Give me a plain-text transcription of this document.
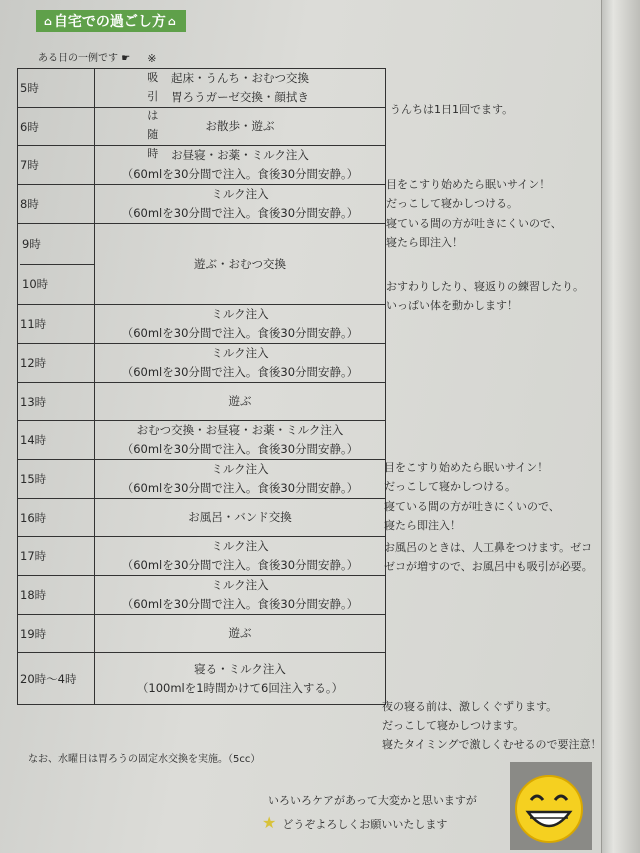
⌂ 自宅での過ごし方 ⌂
ある日の一例です ☛ ※吸引は随時
5時	起床・うんち・おむつ交換
胃ろうガーゼ交換・顔拭き

6時	お散歩・遊ぶ

7時	お昼寝・お薬・ミルク注入
（60mlを30分間で注入。食後30分間安静。）

8時	ミルク注入
（60mlを30分間で注入。食後30分間安静。）

9時
10時	遊ぶ・おむつ交換

11時	ミルク注入
（60mlを30分間で注入。食後30分間安静。）

12時	ミルク注入
（60mlを30分間で注入。食後30分間安静。）

13時	遊ぶ

14時	おむつ交換・お昼寝・お薬・ミルク注入
（60mlを30分間で注入。食後30分間安静。）

15時	ミルク注入
（60mlを30分間で注入。食後30分間安静。）

16時	お風呂・バンド交換

17時	ミルク注入
（60mlを30分間で注入。食後30分間安静。）

18時	ミルク注入
（60mlを30分間で注入。食後30分間安静。）

19時	遊ぶ

20時～4時	寝る・ミルク注入
（100mlを1時間かけて6回注入する。）
うんちは1日1回でます。
目をこすり始めたら眠いサイン！
だっこして寝かしつける。
寝ている間の方が吐きにくいので、
寝たら即注入！
おすわりしたり、寝返りの練習したり。
いっぱい体を動かします！
目をこすり始めたら眠いサイン！
だっこして寝かしつける。
寝ている間の方が吐きにくいので、
寝たら即注入！
お風呂のときは、人工鼻をつけます。ゼコ
ゼコが増すので、お風呂中も吸引が必要。
夜の寝る前は、激しくぐずります。
だっこして寝かしつけます。
寝たタイミングで激しくむせるので要注意！
なお、水曜日は胃ろうの固定水交換を実施。（5cc）
いろいろケアがあって大変かと思いますが
★ どうぞよろしくお願いいたします
